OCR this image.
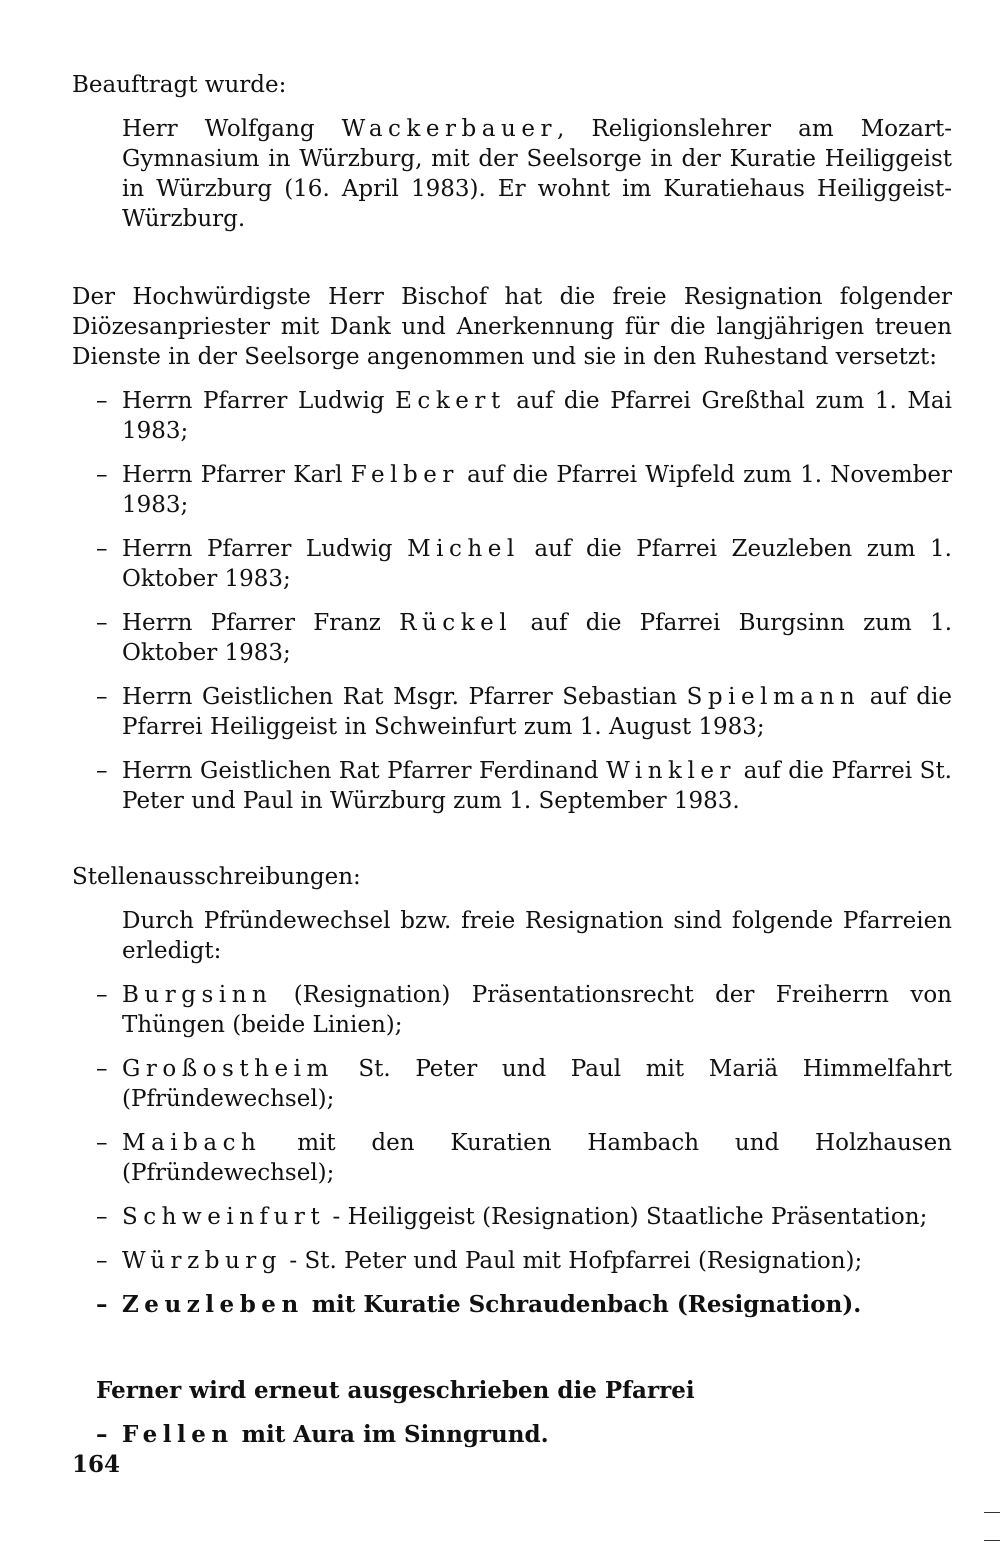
Beauftragt wurde:

Herr Wolfgang Wackerbauer, Religionslehrer am Mozart-Gymnasium in Würzburg, mit der Seelsorge in der Kuratie Heiliggeist in Würzburg (16. April 1983). Er wohnt im Kuratiehaus Heiliggeist-Würzburg.

Der Hochwürdigste Herr Bischof hat die freie Resignation folgender Diözesanpriester mit Dank und Anerkennung für die langjährigen treuen Dienste in der Seelsorge angenommen und sie in den Ruhestand versetzt:

– Herrn Pfarrer Ludwig Eckert auf die Pfarrei Greßthal zum 1. Mai 1983;
– Herrn Pfarrer Karl Felber auf die Pfarrei Wipfeld zum 1. November 1983;
– Herrn Pfarrer Ludwig Michel auf die Pfarrei Zeuzleben zum 1. Oktober 1983;
– Herrn Pfarrer Franz Rückel auf die Pfarrei Burgsinn zum 1. Oktober 1983;
– Herrn Geistlichen Rat Msgr. Pfarrer Sebastian Spielmann auf die Pfarrei Heiliggeist in Schweinfurt zum 1. August 1983;
– Herrn Geistlichen Rat Pfarrer Ferdinand Winkler auf die Pfarrei St. Peter und Paul in Würzburg zum 1. September 1983.

Stellenausschreibungen:

Durch Pfründewechsel bzw. freie Resignation sind folgende Pfarreien erledigt:

– Burgsinn (Resignation) Präsentationsrecht der Freiherrn von Thüngen (beide Linien);
– Großostheim St. Peter und Paul mit Mariä Himmelfahrt (Pfründewechsel);
– Maibach mit den Kuratien Hambach und Holzhausen (Pfründewechsel);
– Schweinfurt - Heiliggeist (Resignation) Staatliche Präsentation;
– Würzburg - St. Peter und Paul mit Hofpfarrei (Resignation);
– Zeuzleben mit Kuratie Schraudenbach (Resignation).

Ferner wird erneut ausgeschrieben die Pfarrei

– Fellen mit Aura im Sinngrund.
164
